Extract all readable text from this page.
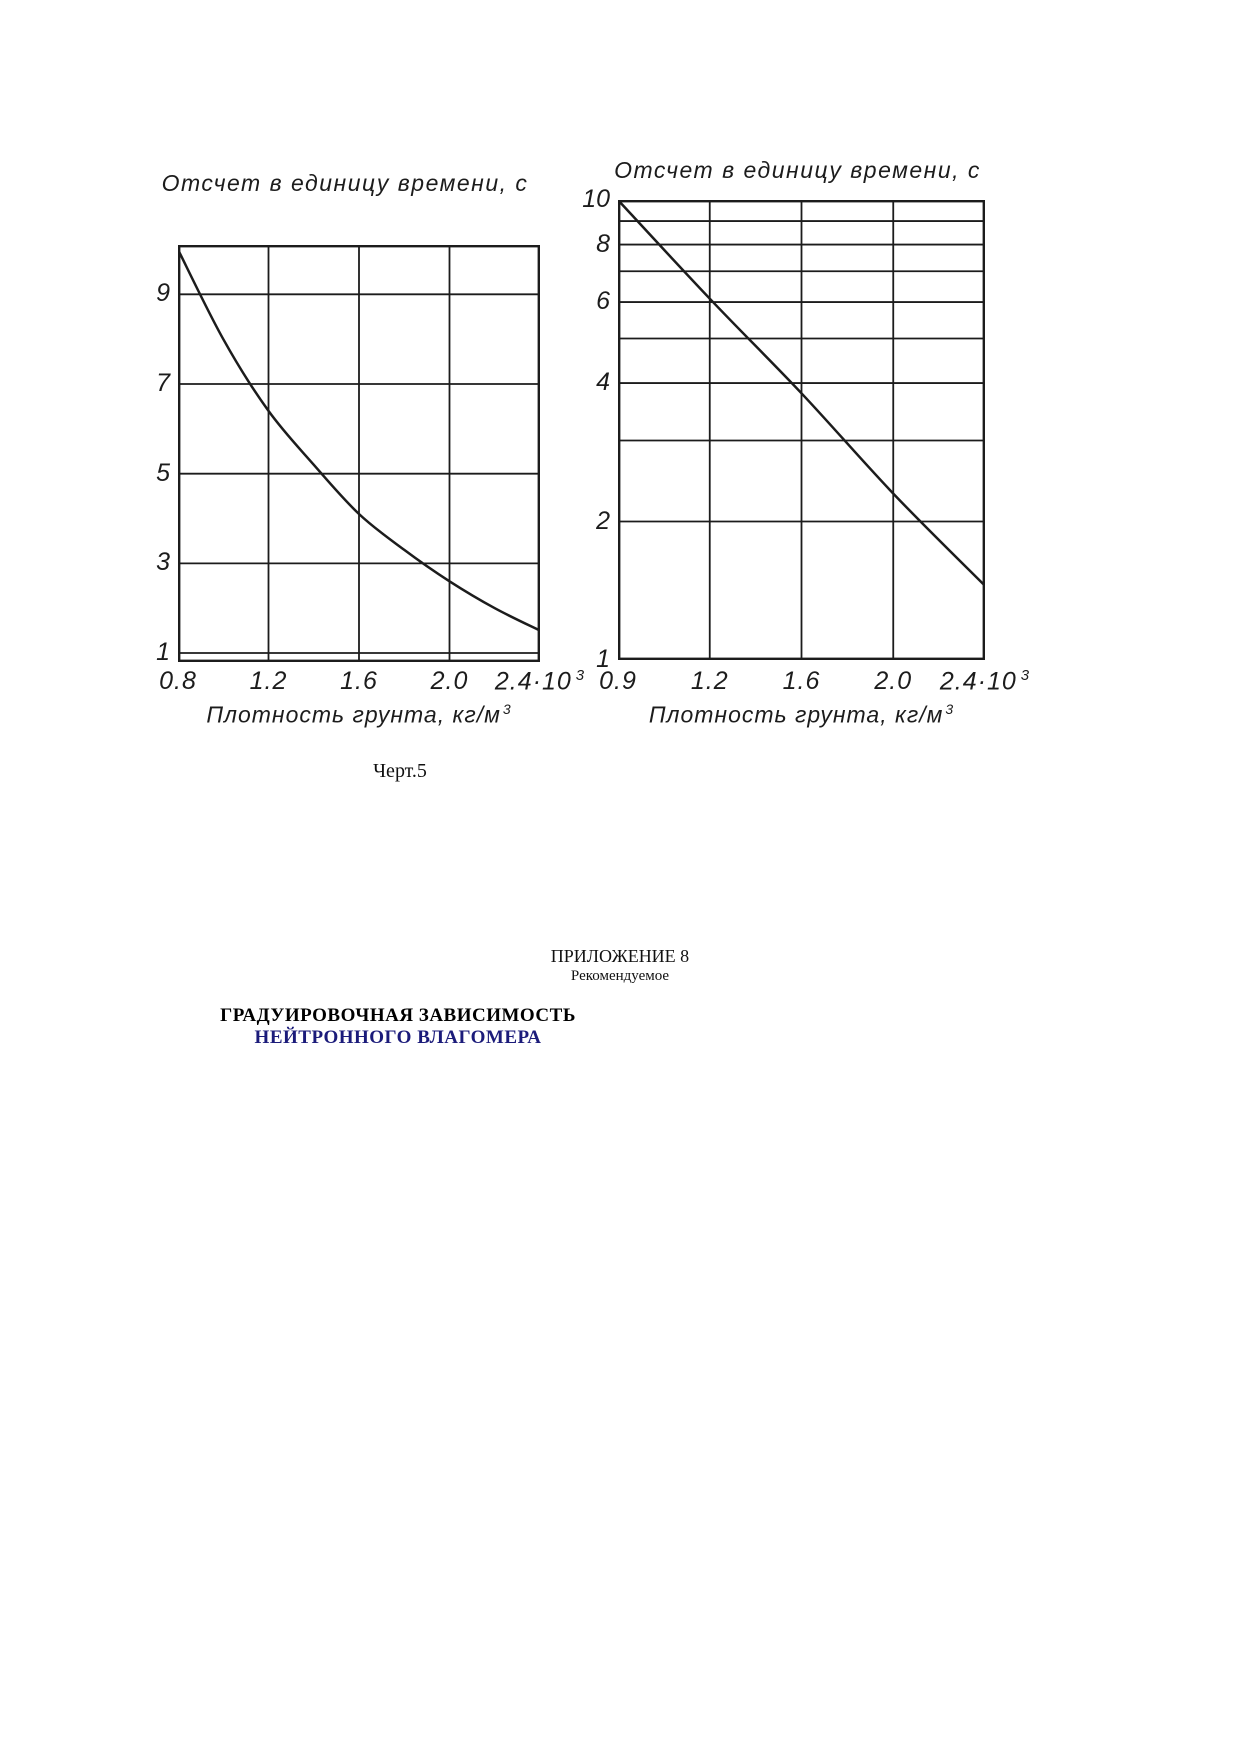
Отсчет в единицу времени, с
9
7
5
3
1
0.8 1.2 1.6 2.0 2.4·10 $^3$
Плотность грунта, кг/м $^3$
Отсчет в единицу времени, с
10
8
6
4
2
1
0.9 1.2 1.6 2.0 2.4·10 $^3$
Плотность грунта, кг/м $^3$
Черт.5
ПРИЛОЖЕНИЕ 8
Рекомендуемое
ГРАДУИРОВОЧНАЯ ЗАВИСИМОСТЬ
НЕЙТРОННОГО ВЛАГОМЕРА
